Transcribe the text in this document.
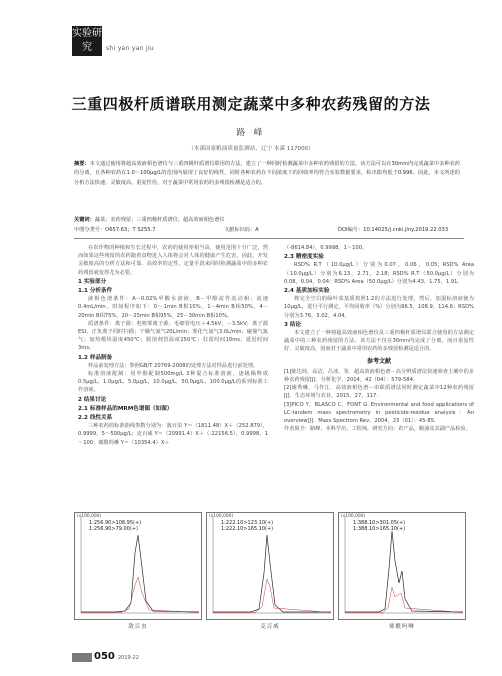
实验研究	shi yan yan jiu
三重四极杆质谱联用测定蔬菜中多种农药残留的方法
路 峰
（本溪国家粮油质量监测站，辽宁 本溪 117000）
摘要：本文通过使用将超高效液相色谱仪与三重四极杆质谱仪联用的方法，建立了一种同时检测蔬菜中多种农药残留的方法。该方法可以在30min内完成蔬菜中多种农药的分离，且各种农药在1.0～100μg/L的范围内展现了良好的线性，同时各种农药在不同浓度下的回收率均符合实验数据要求，检出限均低于0.996。因此，本文所述的分析方法快速、灵敏度高、重复性佳，对于蔬菜中常用农药的多残留检测是适合的。
关键词：蔬菜；农药残留；三重四极杆质谱仪；超高效液相色谱仪
中图分类号：O657.63；T S255.7	文献标识码：A	DOI编号：10.14025/j.cnki.jlny.2019.22.033

在农作物的种植和生长过程中，农药的使用率相当高，使用范围十分广泛，然而如果这些残留的农药随着食物进入人体将会对人体的健康产生危害，因此，开发灵敏度高的分析方法和可靠、高效率的定性、定量手段来同时检测蔬菜中的多种农药残留就变得尤为必要。

1 实验部分
1.1 分析条件

液相色谱条件：A－0.02%甲酸水溶液，B－甲醇流作流动相；流速0.4mL/min，时间程序如下：0～1min B相10%，1－4min B相50%，4－20min B相75%，20－25min B相95%，25－30min B相10%。

质谱条件：离子源：电喷雾离子源；毛细管电压＋4.5kV，－3.5kV；离子源ESI，正负离子同时扫描；干燥气氮气20L/min；雾化气氮气3.0L/min；碰撞气氮气；加热模块温度450℃；脱溶剂管温度250℃；驻留时间10ms；延迟时间3ms。

1.2 样品制备

样品前处理方法：参照GB/T 20769-2008的处理方法对样品进行前处理。

标准溶液配制：用甲醇配制500mg/L 3种混合标准溶液，逐级稀释成0.5μg/L，1.0μg/L，5.0μg/L，10.0μg/L，50.0μg/L，100.0μg/L的系列标准工作溶液。

2 结果讨论
2.1 标准样品的MRM色谱图（如图）
2.2 线性关系

三种农药的标准曲线参数分别为：敌百虫 Y＝（1811.48）X＋（252.879），0.9999，5～500μg/L；克百威 Y＝（20991.4）X＋（-22156.5），0.9998，1～100；烯酰吗啉 Y＝（10354.4）X＋

（-8614.84），0.9998，1～100。

2.3 精密度实验

RSD% R.T（10.0μg/L）分别为0.07，0.06，0.05；RSD% Area（10.0μg/L）分别为6.13，2.71，2.18；RSD% R.T（50.0μg/L）分别为0.08，0.04，0.04；RSD% Area（50.0μg/L）分别为4.43，1.75，1.91。

2.4 基质加标实验

将完全空白的绿叶菜基质按照1.2的方法进行处理，然后，加混标溶液使为10μg/L，进行平行测定，平均回收率（%）分别为96.5，108.9，114.6；RSD%分别为3.76，3.02，4.04。

3 结论

本文建立了一种将超高效液相色谱仪及三重四极杆质谱仪联合使用的方法测定蔬菜中的三种农药残留的方法，该方法不仅在30min内完成了分离，而且重复性好、灵敏度高，因而对于蔬菜中常用农药的多残留检测是适合的。

参考文献

[1]陈达炜，高洁，吕冰，等．超高效液相色谱－高分辨质谱法快速筛查土壤中的多种农药残留[J]．分析化学，2014，42（04）：579-584.

[2]谢秀琳，马作江．高效液相色谱－串联质谱法同时测定蔬菜中12种农药残留[J]．生态环境与农业，2015，27，117.

[3]PICO Y，BLASCO C，FONT G. Environmental and food applications of LC-tandem mass spectrometry in pesticide-residue analysis：An overview[J]．Mass Spectrom Rev，2004，23（01）：45-85.

作者简介：路峰，本科学历，工程师，研究方向：农产品，粮油及其副产品检验。

(x100,000)
1:256.90>108.95(+)
1:256.90>79.00(+)
(x100,000)
1:222.10>123.10(+)
1:222.10>165.10(+)
(x100,000)
1:388.10>301.05(+)
1:388.10>165.10(+)
敌百虫	克百威	烯酰吗啉
050 2019-22
